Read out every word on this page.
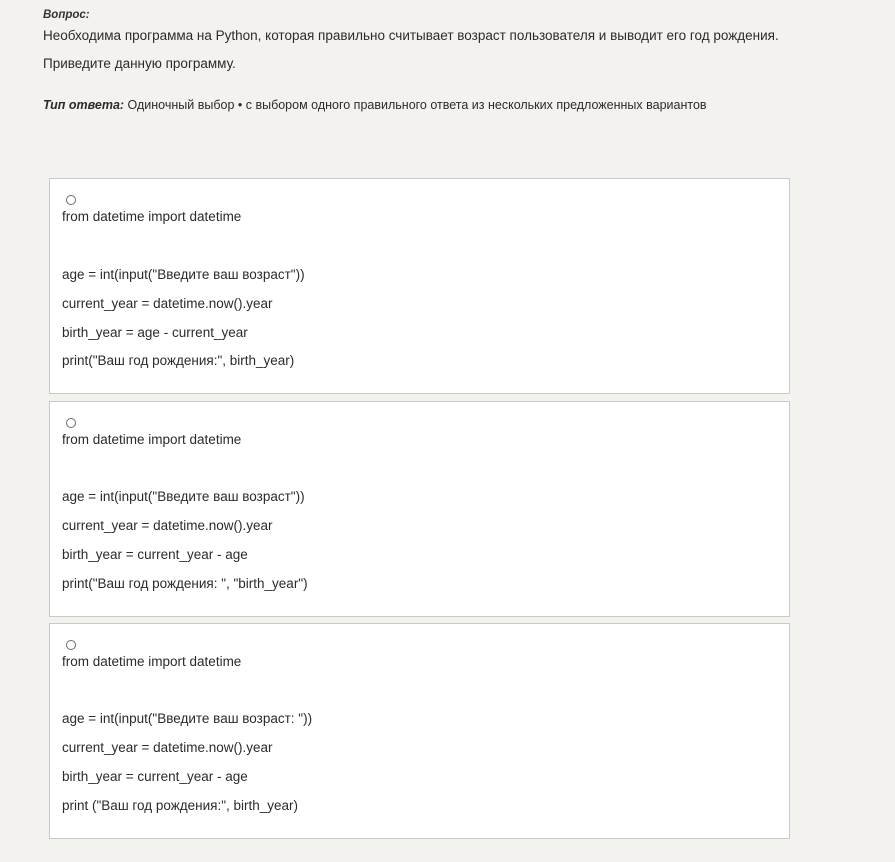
Вопрос:
Необходима программа на Python, которая правильно считывает возраст пользователя и выводит его год рождения.
Приведите данную программу.
Тип ответа: Одиночный выбор • с выбором одного правильного ответа из нескольких предложенных вариантов
from datetime import datetime
age = int(input("Введите ваш возраст"))
current_year = datetime.now().year
birth_year = age - current_year
print("Ваш год рождения:", birth_year)
from datetime import datetime
age = int(input("Введите ваш возраст"))
current_year = datetime.now().year
birth_year = current_year - age
print("Ваш год рождения: ", "birth_year")
from datetime import datetime
age = int(input("Введите ваш возраст: "))
current_year = datetime.now().year
birth_year = current_year - age
print ("Ваш год рождения:", birth_year)
